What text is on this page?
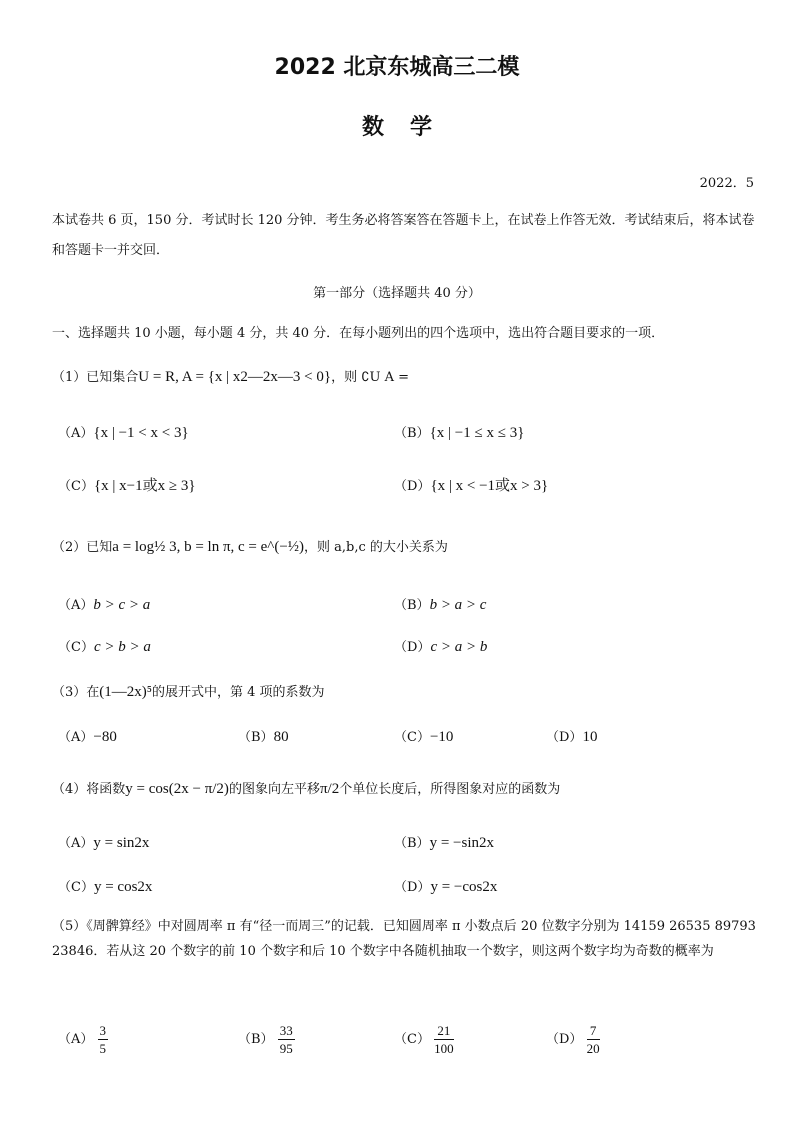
2022 北京东城高三二模
数学
2022．5
本试卷共 6 页，150 分．考试时长 120 分钟．考生务必将答案答在答题卡上，在试卷上作答无效．考试结束后，将本试卷和答题卡一并交回．
第一部分（选择题共 40 分）
一、选择题共 10 小题，每小题 4 分，共 40 分．在每小题列出的四个选项中，选出符合题目要求的一项．
（1）已知集合U = R, A = {x | x2—2x—3 < 0}，则 ∁U A =
（A）{x | −1 < x < 3}	（B）{x | −1 ≤ x ≤ 3}
（C）{x | x−1或x ≥ 3}	（D）{x | x < −1或x > 3}
（2）已知a = log½ 3, b = ln π, c = e^(−½)，则 a,b,c 的大小关系为
（A）b > c > a	（B）b > a > c
（C）c > b > a	（D）c > a > b
（3）在(1—2x)⁵的展开式中，第 4 项的系数为
（A）−80	（B）80	（C）−10	（D）10
（4）将函数y = cos(2x − π/2)的图象向左平移π/2个单位长度后，所得图象对应的函数为
（A）y = sin2x	（B）y = −sin2x
（C）y = cos2x	（D）y = −cos2x
（5）《周髀算经》中对圆周率 π 有“径一而周三”的记载．已知圆周率 π 小数点后 20 位数字分别为 14159 26535 89793 23846．若从这 20 个数字的前 10 个数字和后 10 个数字中各随机抽取一个数字，则这两个数字均为奇数的概率为
$(A) \frac{3}{5}$	$(B) \frac{33}{95}$	$(C) \frac{21}{100}$	$(D) \frac{7}{20}$
